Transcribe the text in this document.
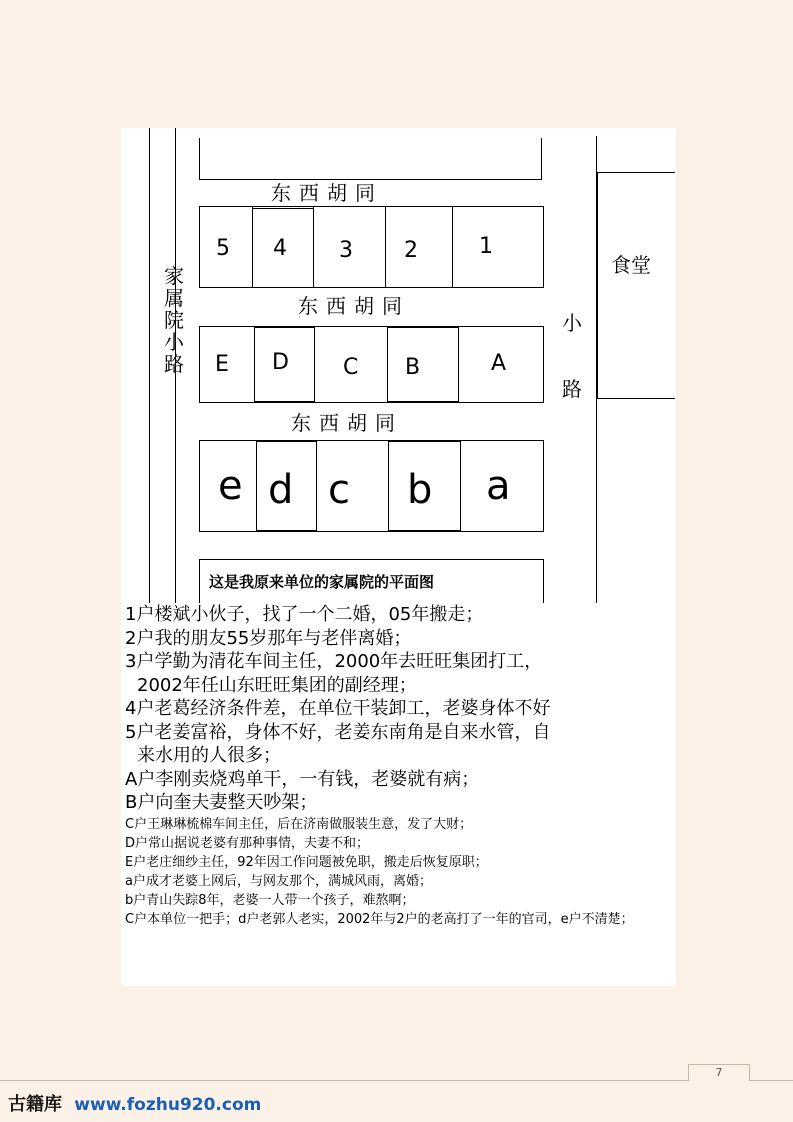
家属院小路
小
路
食堂
东西胡同
5 4 3 2	1
东西胡同
E D C B	A
东西胡同
e d c b a
这是我原来单位的家属院的平面图
1户楼斌小伙子，找了一个二婚，05年搬走；
2户我的朋友55岁那年与老伴离婚；
3户学勤为清花车间主任，2000年去旺旺集团打工，
2002年任山东旺旺集团的副经理；
4户老葛经济条件差，在单位干装卸工，老婆身体不好
5户老姜富裕，身体不好，老姜东南角是自来水管，自
来水用的人很多；
A户李刚卖烧鸡单干，一有钱，老婆就有病；
B户向奎夫妻整天吵架；
C户王琳琳梳棉车间主任，后在济南做服装生意，发了大财；
D户常山据说老婆有那种事情，夫妻不和；
E户老庄细纱主任，92年因工作问题被免职，搬走后恢复原职；
a户成才老婆上网后，与网友那个，满城风雨，离婚；
b户青山失踪8年，老婆一人带一个孩子，难熬啊；
C户本单位一把手；d户老郭人老实，2002年与2户的老高打了一年的官司，e户不清楚；
7
古籍库 www.fozhu920.com
